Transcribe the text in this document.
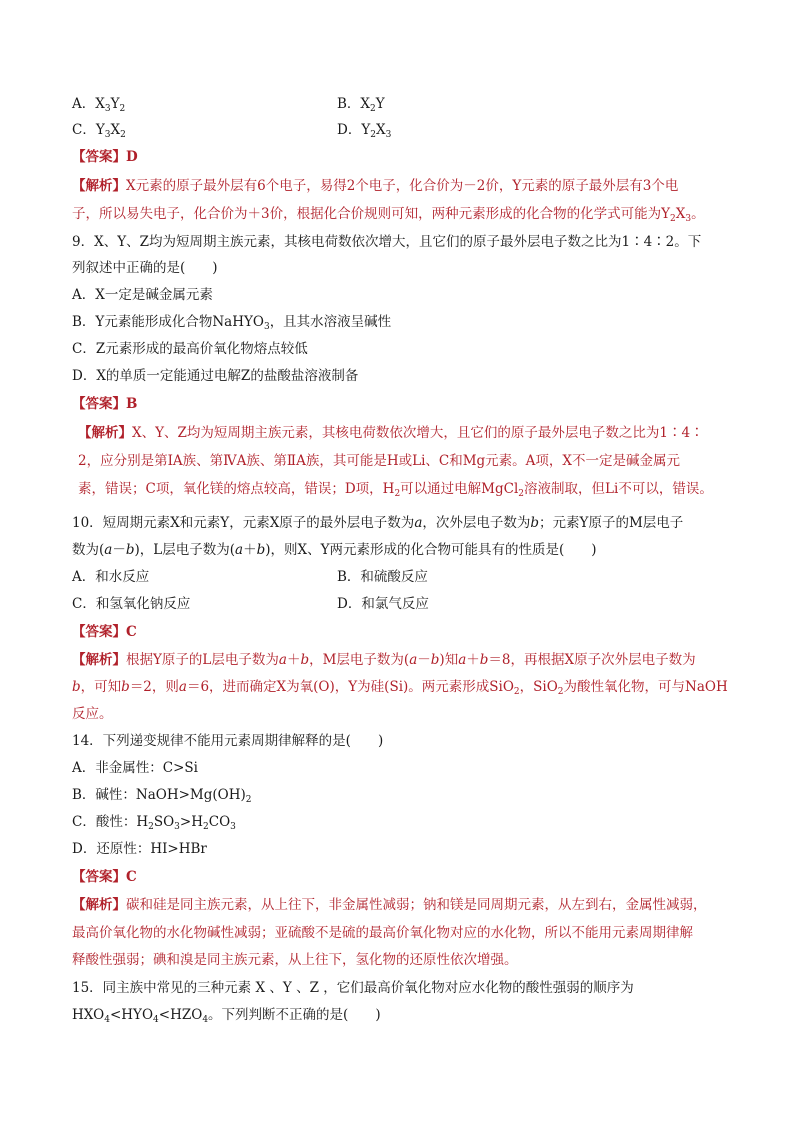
A．$X_3Y_2$	B．$X_2Y$
C．$Y_3X_2$	D．$Y_2X_3$
【答案】D
【解析】X元素的原子最外层有6个电子，易得2个电子，化合价为－2价，Y元素的原子最外层有3个电
子，所以易失电子，化合价为＋3价，根据化合价规则可知，两种元素形成的化合物的化学式可能为$Y_2X_3$。
9．X、Y、Z均为短周期主族元素，其核电荷数依次增大，且它们的原子最外层电子数之比为1∶4∶2。下
列叙述中正确的是(　　)
A．X一定是碱金属元素
B．Y元素能形成化合物NaHYO$_3$，且其水溶液呈碱性
C．Z元素形成的最高价氧化物熔点较低
D．X的单质一定能通过电解Z的盐酸盐溶液制备
【答案】B
【解析】X、Y、Z均为短周期主族元素，其核电荷数依次增大，且它们的原子最外层电子数之比为1∶4∶
2，应分别是第ⅠA族、第ⅣA族、第ⅡA族，其可能是H或Li、C和Mg元素。A项，X不一定是碱金属元
素，错误；C项，氧化镁的熔点较高，错误；D项，$H_2$可以通过电解MgCl$_2$溶液制取，但Li不可以，错误。
10．短周期元素X和元素Y，元素X原子的最外层电子数为a，次外层电子数为b；元素Y原子的M层电子
数为(a－b)，L层电子数为(a＋b)，则X、Y两元素形成的化合物可能具有的性质是(　　)
A．和水反应	B．和硫酸反应
C．和氢氧化钠反应	D．和氯气反应
【答案】C
【解析】根据Y原子的L层电子数为a＋b，M层电子数为(a－b)知a＋b＝8，再根据X原子次外层电子数为
b，可知b＝2，则a＝6，进而确定X为氧(O)，Y为硅(Si)。两元素形成SiO$_2$，SiO$_2$为酸性氧化物，可与NaOH
反应。
14．下列递变规律不能用元素周期律解释的是(　　)
A．非金属性：C>Si
B．碱性：$NaOH>Mg(OH)_2$
C．酸性：$H_2SO_3>H_2CO_3$
D．还原性：HI>HBr
【答案】C
【解析】碳和硅是同主族元素，从上往下，非金属性减弱；钠和镁是同周期元素，从左到右，金属性减弱，
最高价氧化物的水化物碱性减弱；亚硫酸不是硫的最高价氧化物对应的水化物，所以不能用元素周期律解
释酸性强弱；碘和溴是同主族元素，从上往下，氢化物的还原性依次增强。
15．同主族中常见的三种元素 X 、Y 、Z ，它们最高价氧化物对应水化物的酸性强弱的顺序为
$HXO_4<HYO_4<HZO_4$。下列判断不正确的是(　　)
